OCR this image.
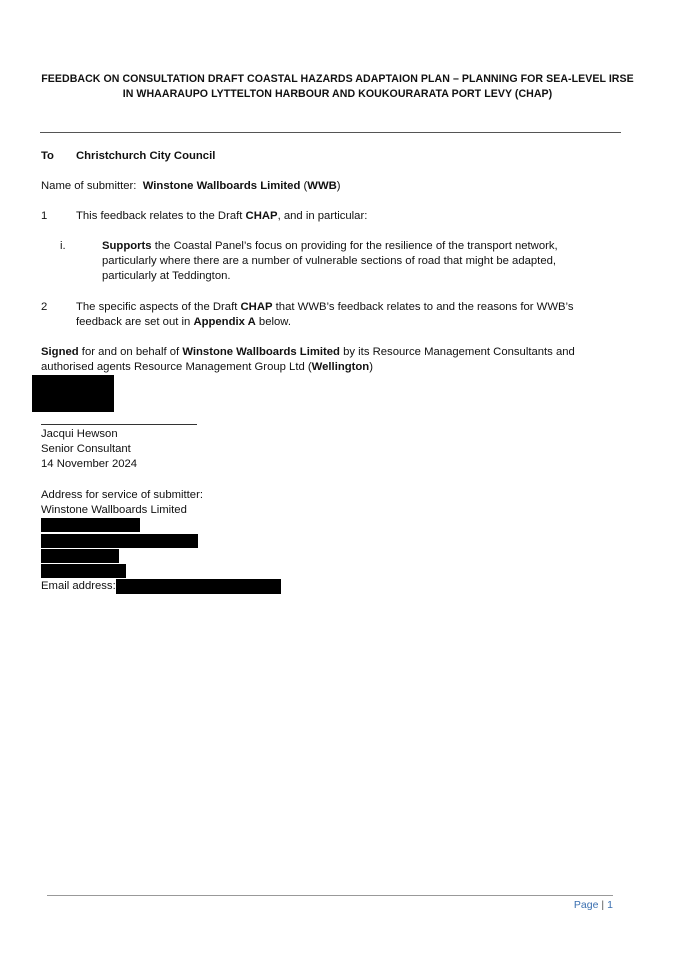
FEEDBACK ON CONSULTATION DRAFT COASTAL HAZARDS ADAPTAION PLAN – PLANNING FOR SEA-LEVEL IRSE
IN WHAARAUPO LYTTELTON HARBOUR AND KOUKOURARATA PORT LEVY (CHAP)
To Christchurch City Council
Name of submitter: Winstone Wallboards Limited (WWB)
1	This feedback relates to the Draft CHAP, and in particular:
i.	Supports the Coastal Panel’s focus on providing for the resilience of the transport network, particularly where there are a number of vulnerable sections of road that might be adapted, particularly at Teddington.
2	The specific aspects of the Draft CHAP that WWB’s feedback relates to and the reasons for WWB’s feedback are set out in Appendix A below.
Signed for and on behalf of Winstone Wallboards Limited by its Resource Management Consultants and authorised agents Resource Management Group Ltd (Wellington)
Jacqui Hewson
Senior Consultant
14 November 2024
Address for service of submitter:
Winstone Wallboards Limited
Email address:
Page | 1
